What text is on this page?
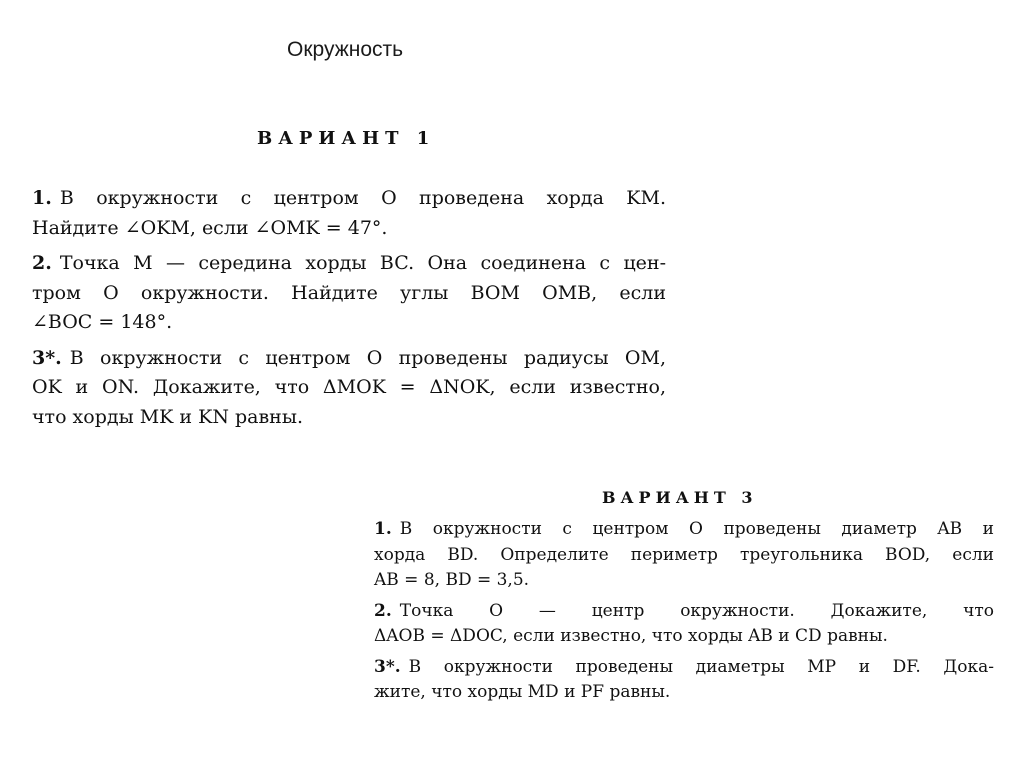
Окружность
ВАРИАНТ 1
1. В окружности с центром O проведена хорда KM.
Найдите ∠OKM, если ∠OMK = 47°.
2. Точка M — середина хорды BC. Она соединена с цен-
тром O окружности. Найдите углы BOM OMB, если
∠BOC = 148°.
3*. В окружности с центром O проведены радиусы OM,
OK и ON. Докажите, что ΔMOK = ΔNOK, если известно,
что хорды MK и KN равны.
ВАРИАНТ 3
1. В окружности с центром O проведены диаметр AB и
хорда BD. Определите периметр треугольника BOD, если
AB = 8, BD = 3,5.
2. Точка O — центр окружности. Докажите, что
ΔAOB = ΔDOC, если известно, что хорды AB и CD равны.
3*. В окружности проведены диаметры MP и DF. Дока-
жите, что хорды MD и PF равны.
